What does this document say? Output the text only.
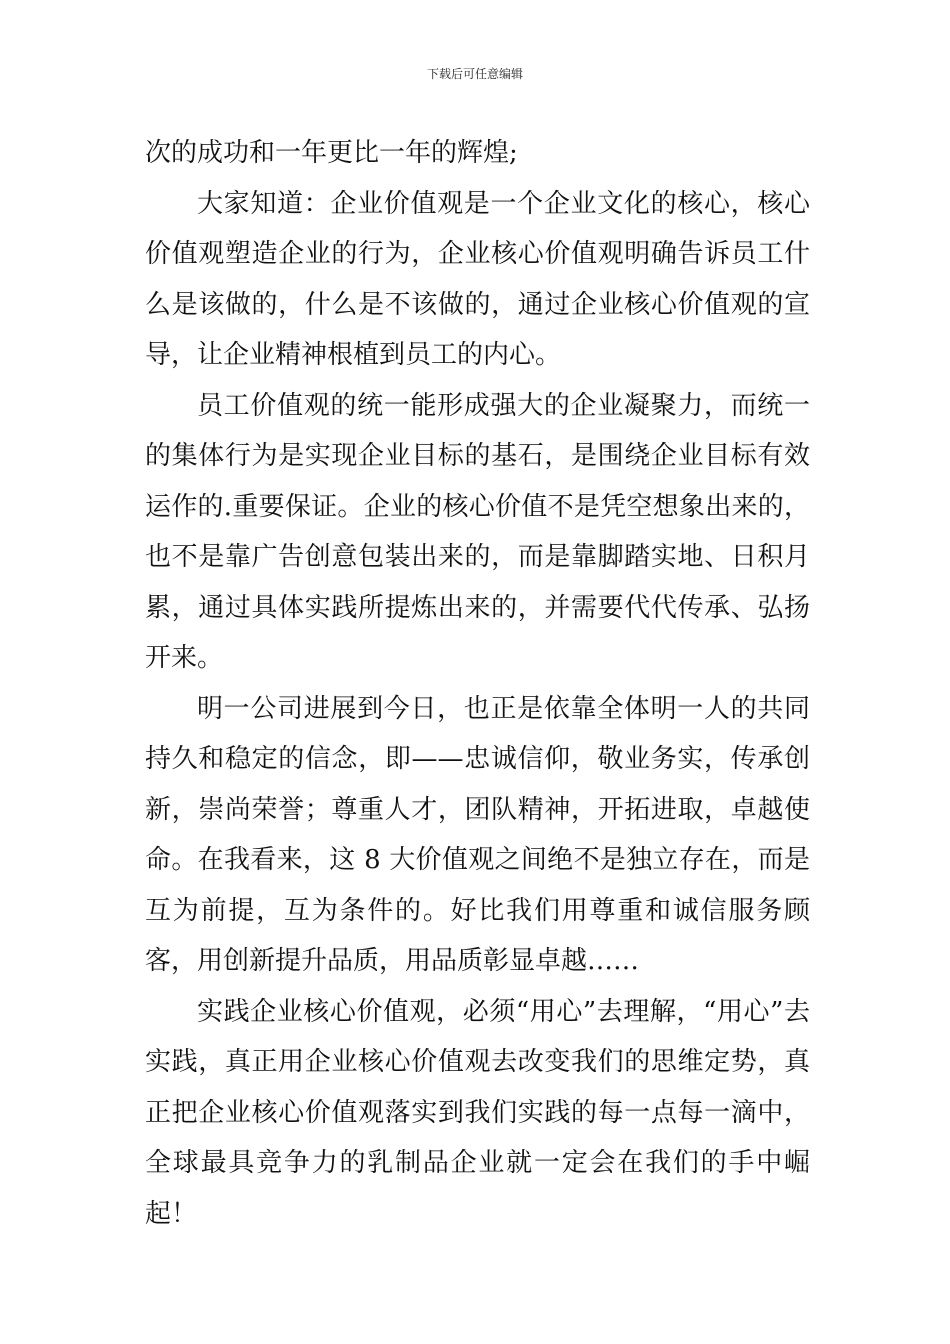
下载后可任意编辑

次的成功和一年更比一年的辉煌;

大家知道：企业价值观是一个企业文化的核心，核心价值观塑造企业的行为，企业核心价值观明确告诉员工什么是该做的，什么是不该做的，通过企业核心价值观的宣导，让企业精神根植到员工的内心。

员工价值观的统一能形成强大的企业凝聚力，而统一的集体行为是实现企业目标的基石，是围绕企业目标有效运作的.重要保证。企业的核心价值不是凭空想象出来的，也不是靠广告创意包装出来的，而是靠脚踏实地、日积月累，通过具体实践所提炼出来的，并需要代代传承、弘扬开来。

明一公司进展到今日，也正是依靠全体明一人的共同持久和稳定的信念，即——忠诚信仰，敬业务实，传承创新，崇尚荣誉；尊重人才，团队精神，开拓进取，卓越使命。在我看来，这 8 大价值观之间绝不是独立存在，而是互为前提，互为条件的。好比我们用尊重和诚信服务顾客，用创新提升品质，用品质彰显卓越……

实践企业核心价值观，必须“用心”去理解，“用心”去实践，真正用企业核心价值观去改变我们的思维定势，真正把企业核心价值观落实到我们实践的每一点每一滴中，全球最具竞争力的乳制品企业就一定会在我们的手中崛起！
